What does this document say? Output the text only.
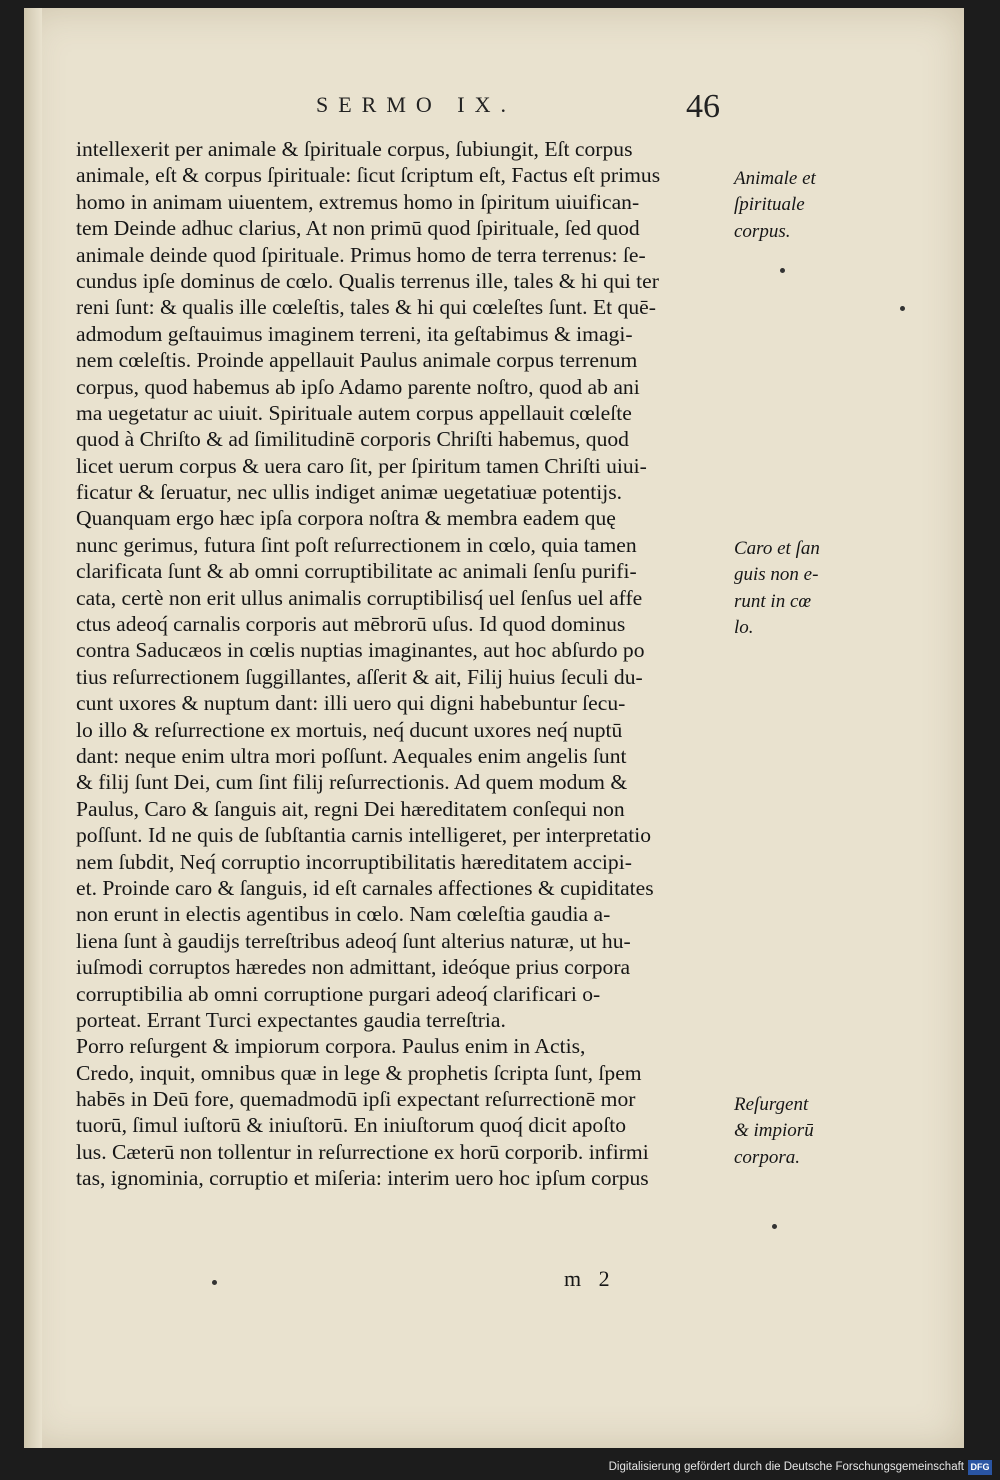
SERMO IX.	46
intellexerit per animale & ſpirituale corpus, ſubiungit, Eſt corpus
animale, eſt & corpus ſpirituale: ſicut ſcriptum eſt, Factus eſt primus
homo in animam uiuentem, extremus homo in ſpiritum uiuifican-
tem Deinde adhuc clarius, At non primū quod ſpirituale, ſed quod
animale deinde quod ſpirituale. Primus homo de terra terrenus: ſe-
cundus ipſe dominus de cœlo. Qualis terrenus ille, tales & hi qui ter
reni ſunt: & qualis ille cœleſtis, tales & hi qui cœleſtes ſunt. Et quē-
admodum geſtauimus imaginem terreni, ita geſtabimus & imagi-
nem cœleſtis. Proinde appellauit Paulus animale corpus terrenum
corpus, quod habemus ab ipſo Adamo parente noſtro, quod ab ani
ma uegetatur ac uiuit. Spirituale autem corpus appellauit cœleſte
quod à Chriſto & ad ſimilitudinē corporis Chriſti habemus, quod
licet uerum corpus & uera caro ſit, per ſpiritum tamen Chriſti uiui-
ficatur & ſeruatur, nec ullis indiget animæ uegetatiuæ potentijs.
Quanquam ergo hæc ipſa corpora noſtra & membra eadem quę
nunc gerimus, futura ſint poſt reſurrectionem in cœlo, quia tamen
clarificata ſunt & ab omni corruptibilitate ac animali ſenſu purifi-
cata, certè non erit ullus animalis corruptibilisq́ uel ſenſus uel affe
ctus adeoq́ carnalis corporis aut mēbrorū uſus. Id quod dominus
contra Saducæos in cœlis nuptias imaginantes, aut hoc abſurdo po
tius reſurrectionem ſuggillantes, aſſerit & ait, Filij huius ſeculi du-
cunt uxores & nuptum dant: illi uero qui digni habebuntur ſecu-
lo illo & reſurrectione ex mortuis, neq́ ducunt uxores neq́ nuptū
dant: neque enim ultra mori poſſunt. Aequales enim angelis ſunt
& filij ſunt Dei, cum ſint filij reſurrectionis. Ad quem modum &
Paulus, Caro & ſanguis ait, regni Dei hæreditatem conſequi non
poſſunt. Id ne quis de ſubſtantia carnis intelligeret, per interpretatio
nem ſubdit, Neq́ corruptio incorruptibilitatis hæreditatem accipi-
et. Proinde caro & ſanguis, id eſt carnales affectiones & cupiditates
non erunt in electis agentibus in cœlo. Nam cœleſtia gaudia a-
liena ſunt à gaudijs terreſtribus adeoq́ ſunt alterius naturæ, ut hu-
iuſmodi corruptos hæredes non admittant, ideóque prius corpora
corruptibilia ab omni corruptione purgari adeoq́ clarificari o-
porteat. Errant Turci expectantes gaudia terreſtria.
Porro reſurgent & impiorum corpora. Paulus enim in Actis,
Credo, inquit, omnibus quæ in lege & prophetis ſcripta ſunt, ſpem
habēs in Deū fore, quemadmodū ipſi expectant reſurrectionē mor
tuorū, ſimul iuſtorū & iniuſtorū. En iniuſtorum quoq́ dicit apoſto
lus. Cæterū non tollentur in reſurrectione ex horū corporib. infirmi
tas, ignominia, corruptio et miſeria: interim uero hoc ipſum corpus
Animale et
ſpirituale
corpus.
Caro et ſan
guis non e-
runt in cœ
lo.
Reſurgent
& impiorū
corpora.
m 2
Digitalisierung gefördert durch die Deutsche Forschungsgemeinschaft DFG
